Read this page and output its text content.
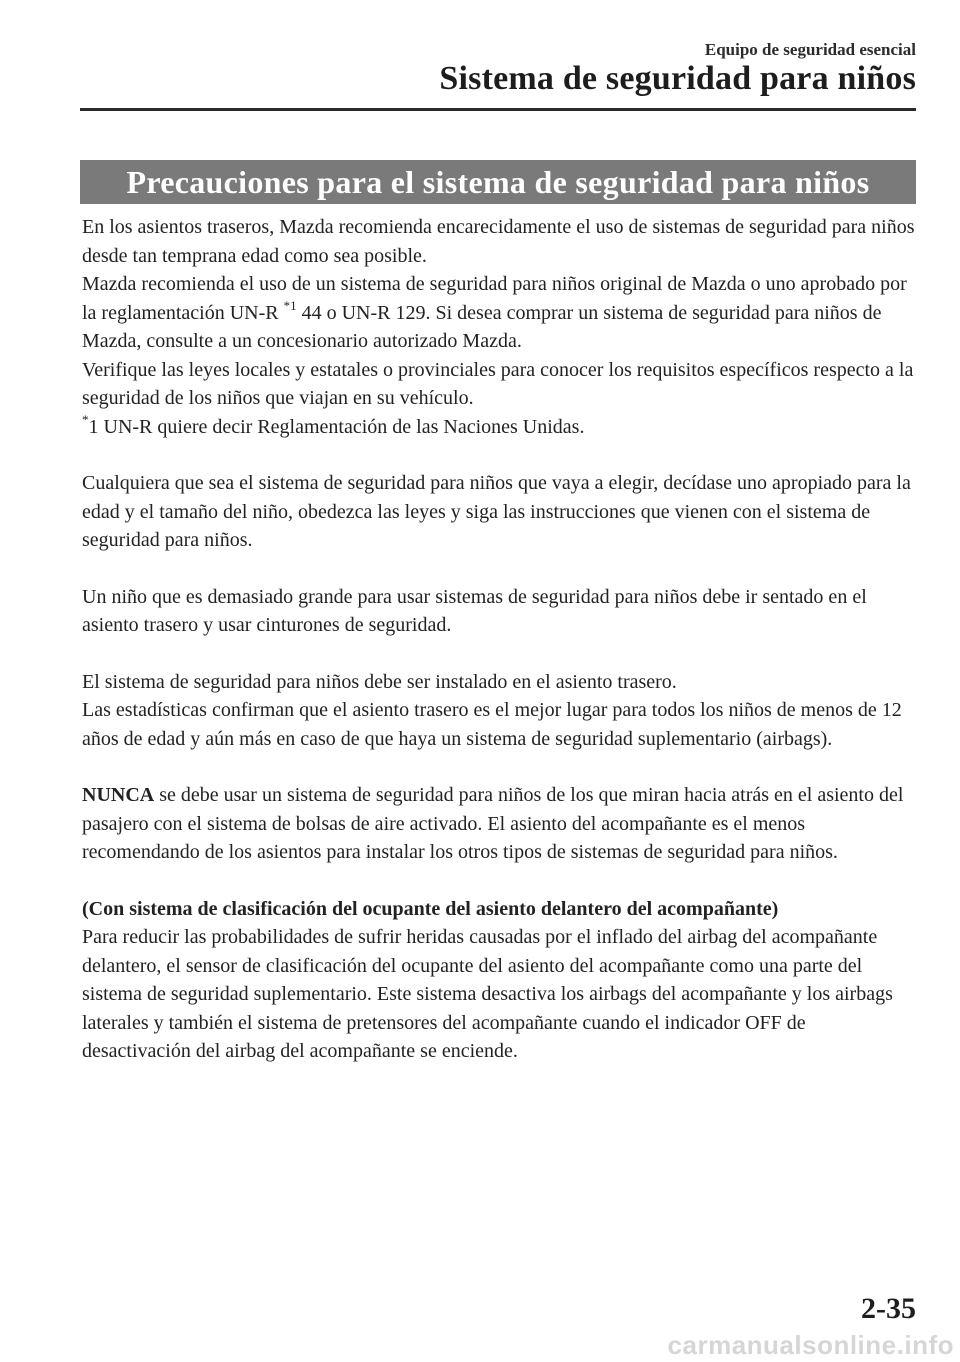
Equipo de seguridad esencial
Sistema de seguridad para niños
Precauciones para el sistema de seguridad para niños

En los asientos traseros, Mazda recomienda encarecidamente el uso de sistemas de seguridad para niños desde tan temprana edad como sea posible.

Mazda recomienda el uso de un sistema de seguridad para niños original de Mazda o uno aprobado por la reglamentación UN-R $^{*1}$ 44 o UN-R 129. Si desea comprar un sistema de seguridad para niños de Mazda, consulte a un concesionario autorizado Mazda.

Verifique las leyes locales y estatales o provinciales para conocer los requisitos específicos respecto a la seguridad de los niños que viajan en su vehículo.

*1 UN-R quiere decir Reglamentación de las Naciones Unidas.

Cualquiera que sea el sistema de seguridad para niños que vaya a elegir, decídase uno apropiado para la edad y el tamaño del niño, obedezca las leyes y siga las instrucciones que vienen con el sistema de seguridad para niños.

Un niño que es demasiado grande para usar sistemas de seguridad para niños debe ir sentado en el asiento trasero y usar cinturones de seguridad.

El sistema de seguridad para niños debe ser instalado en el asiento trasero.

Las estadísticas confirman que el asiento trasero es el mejor lugar para todos los niños de menos de 12 años de edad y aún más en caso de que haya un sistema de seguridad suplementario (airbags).

NUNCA se debe usar un sistema de seguridad para niños de los que miran hacia atrás en el asiento del pasajero con el sistema de bolsas de aire activado. El asiento del acompañante es el menos recomendando de los asientos para instalar los otros tipos de sistemas de seguridad para niños.

(Con sistema de clasificación del ocupante del asiento delantero del acompañante)

Para reducir las probabilidades de sufrir heridas causadas por el inflado del airbag del acompañante delantero, el sensor de clasificación del ocupante del asiento del acompañante como una parte del sistema de seguridad suplementario. Este sistema desactiva los airbags del acompañante y los airbags laterales y también el sistema de pretensores del acompañante cuando el indicador OFF de desactivación del airbag del acompañante se enciende.

2-35
carmanualsonline.info
